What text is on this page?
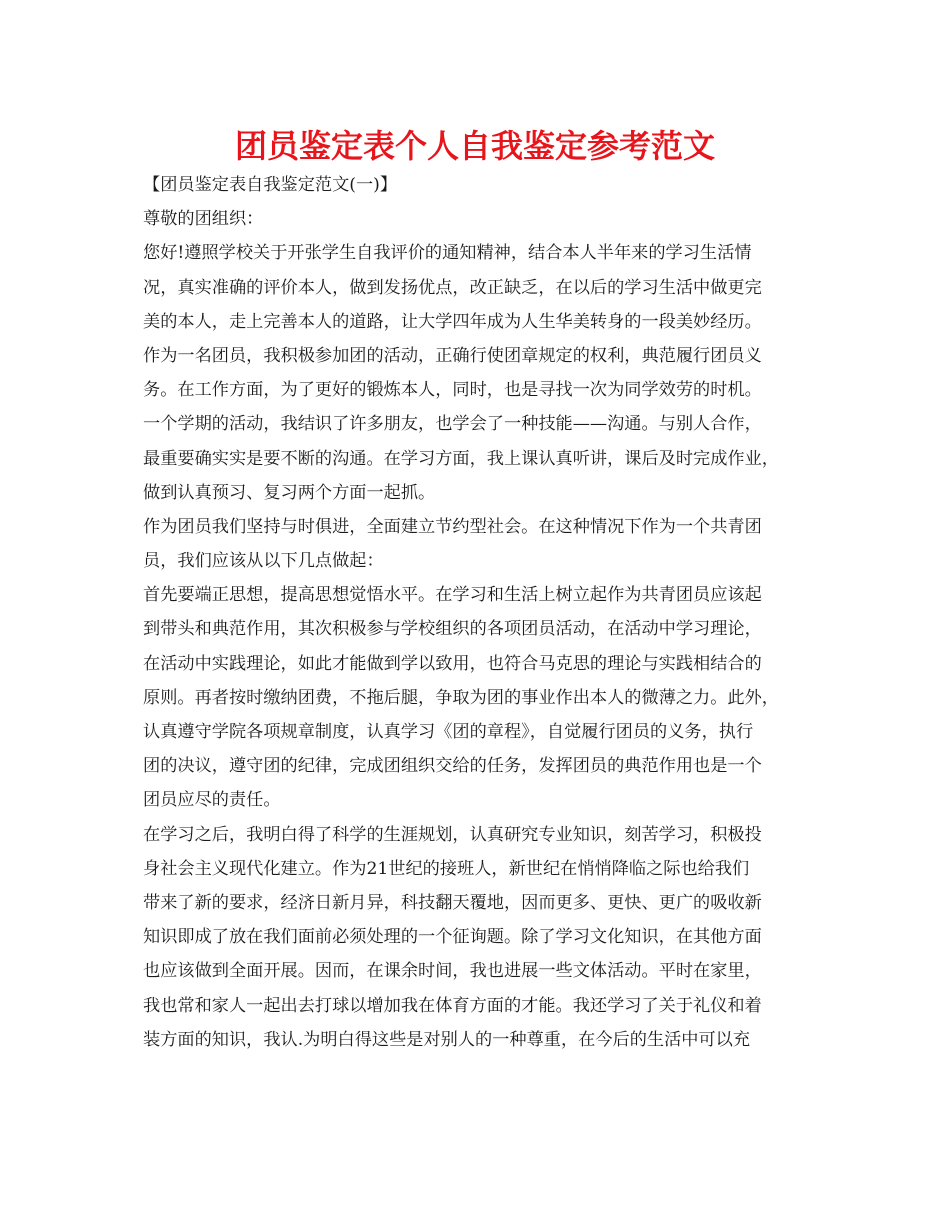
团员鉴定表个人自我鉴定参考范文
【团员鉴定表自我鉴定范文(一)】
尊敬的团组织：
您好!遵照学校关于开张学生自我评价的通知精神，结合本人半年来的学习生活情
况，真实准确的评价本人，做到发扬优点，改正缺乏，在以后的学习生活中做更完
美的本人，走上完善本人的道路，让大学四年成为人生华美转身的一段美妙经历。
作为一名团员，我积极参加团的活动，正确行使团章规定的权利，典范履行团员义
务。在工作方面，为了更好的锻炼本人，同时，也是寻找一次为同学效劳的时机。
一个学期的活动，我结识了许多朋友，也学会了一种技能——沟通。与别人合作，
最重要确实实是要不断的沟通。在学习方面，我上课认真听讲，课后及时完成作业，
做到认真预习、复习两个方面一起抓。
作为团员我们坚持与时俱进，全面建立节约型社会。在这种情况下作为一个共青团
员，我们应该从以下几点做起：
首先要端正思想，提高思想觉悟水平。在学习和生活上树立起作为共青团员应该起
到带头和典范作用，其次积极参与学校组织的各项团员活动，在活动中学习理论，
在活动中实践理论，如此才能做到学以致用，也符合马克思的理论与实践相结合的
原则。再者按时缴纳团费，不拖后腿，争取为团的事业作出本人的微薄之力。此外，
认真遵守学院各项规章制度，认真学习《团的章程》，自觉履行团员的义务，执行
团的决议，遵守团的纪律，完成团组织交给的任务，发挥团员的典范作用也是一个
团员应尽的责任。
在学习之后，我明白得了科学的生涯规划，认真研究专业知识，刻苦学习，积极投
身社会主义现代化建立。作为21世纪的接班人，新世纪在悄悄降临之际也给我们
带来了新的要求，经济日新月异，科技翻天覆地，因而更多、更快、更广的吸收新
知识即成了放在我们面前必须处理的一个征询题。除了学习文化知识，在其他方面
也应该做到全面开展。因而，在课余时间，我也进展一些文体活动。平时在家里，
我也常和家人一起出去打球以增加我在体育方面的才能。我还学习了关于礼仪和着
装方面的知识，我认.为明白得这些是对别人的一种尊重，在今后的生活中可以充
